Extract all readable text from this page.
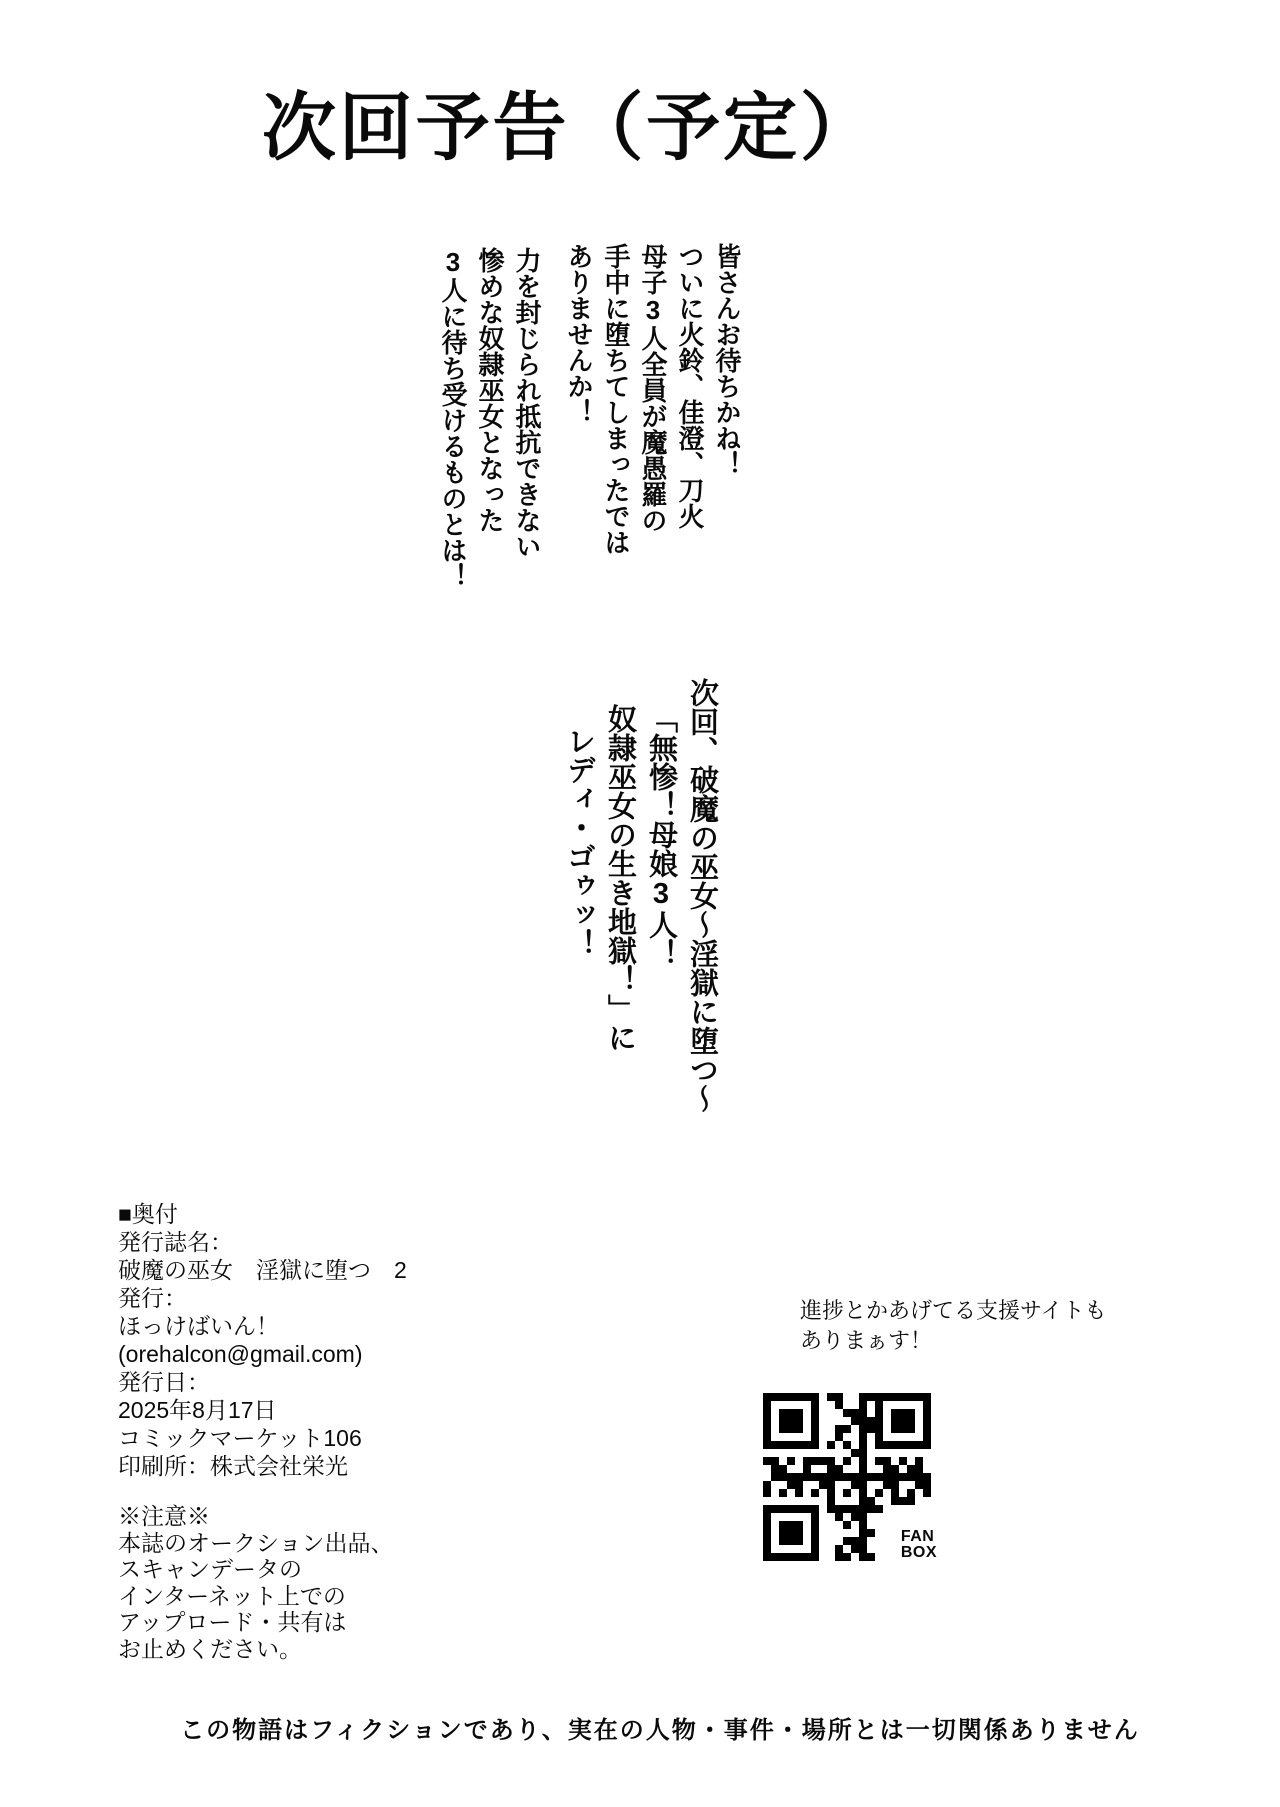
次 回 予 告 （ 予 定 ）
皆さんお待ちかね！
ついに火鈴、佳澄、刀火
母子3人全員が魔愚羅の
手中に堕ちてしまったでは
ありませんか！
力を封じられ抵抗できない
惨めな奴隷巫女となった
3人に待ち受けるものとは！
次回、破魔の巫女～淫獄に堕つ～
「無惨！母娘3人！
奴隷巫女の生き地獄！」に
レディ・ゴゥッ！
■奥付
発行誌名：
破魔の巫女　淫獄に堕つ　2
発行：
ほっけばいん！
(orehalcon@gmail.com)
発行日：
2025年8月17日
コミックマーケット106
印刷所：株式会社栄光
※注意※
本誌のオークション出品、
スキャンデータの
インターネット上での
アップロード・共有は
お止めください。
進捗とかあげてる支援サイトも
ありまぁす！
FAN
BOX
この物語はフィクションであり、実在の人物・事件・場所とは一切関係ありません
